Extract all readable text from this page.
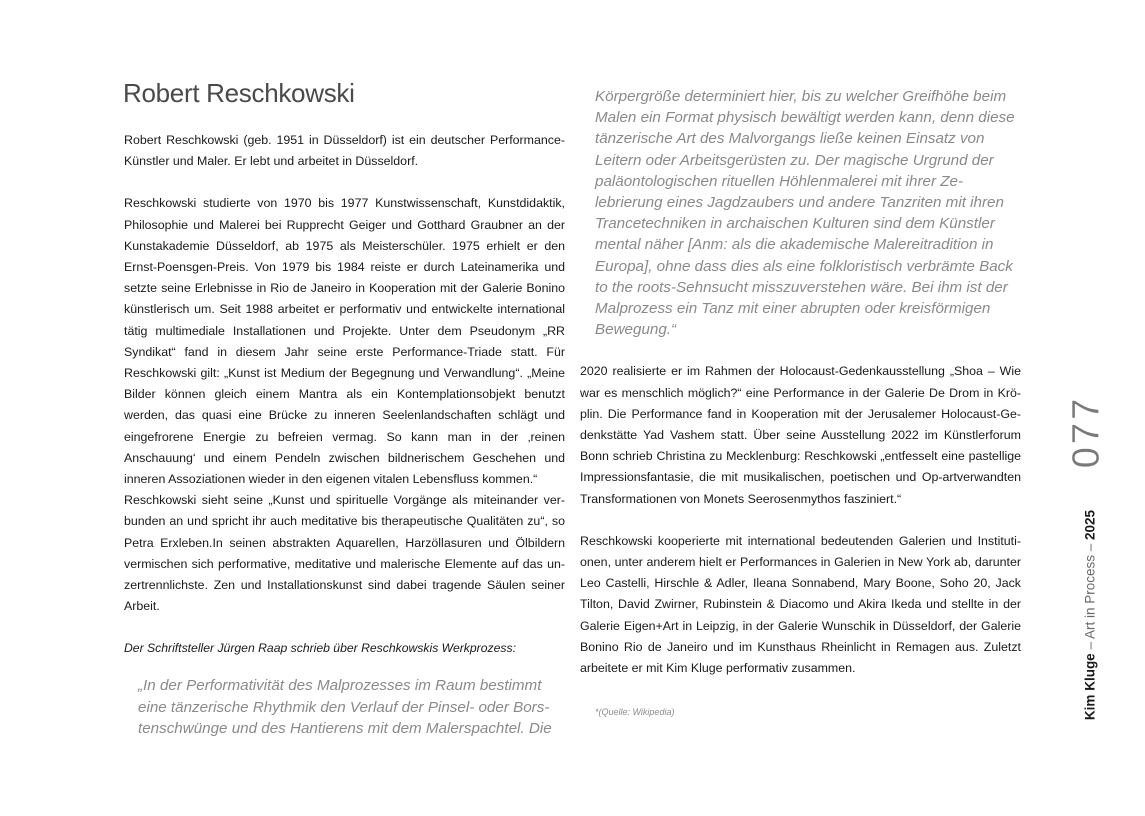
Robert Reschkowski

Robert Reschkowski (geb. 1951 in Düsseldorf) ist ein deutscher Performance-Künstler und Maler. Er lebt und arbeitet in Düsseldorf.

Reschkowski studierte von 1970 bis 1977 Kunstwissenschaft, Kunstdidaktik, Philosophie und Malerei bei Rupprecht Geiger und Gotthard Graubner an der Kunstakademie Düsseldorf, ab 1975 als Meisterschüler. 1975 erhielt er den Ernst-Poensgen-Preis. Von 1979 bis 1984 reiste er durch Lateinamerika und setzte seine Erlebnisse in Rio de Janeiro in Kooperation mit der Galerie Bonino künstlerisch um. Seit 1988 arbeitet er performativ und entwickelte international tätig multimediale Installationen und Projekte. Unter dem Pseudonym „RR Syndikat“ fand in diesem Jahr seine erste Performance-Triade statt. Für Reschkowski gilt: „Kunst ist Medium der Begegnung und Verwandlung“. „Meine Bilder können gleich einem Mantra als ein Kontemplationsobjekt benutzt werden, das quasi eine Brücke zu inneren Seelenlandschaften schlägt und eingefrorene Energie zu befreien vermag. So kann man in der ‚reinen Anschauung‘ und einem Pendeln zwischen bildnerischem Geschehen und inneren Assoziationen wieder in den eigenen vitalen Lebensfluss kommen.“

Reschkowski sieht seine „Kunst und spirituelle Vorgänge als miteinander verbunden an und spricht ihr auch meditative bis therapeutische Qualitäten zu“, so Petra Erxleben.In seinen abstrakten Aquarellen, Harzöllasuren und Ölbildern vermischen sich performative, meditative und malerische Elemente auf das unzertrennlichste. Zen und Installationskunst sind dabei tragende Säulen seiner Arbeit.

Der Schriftsteller Jürgen Raap schrieb über Reschkowskis Werkprozess:

„In der Performativität des Malprozesses im Raum bestimmt eine tänzerische Rhythmik den Verlauf der Pinsel- oder Borstenschwünge und des Hantierens mit dem Malerspachtel. Die

Körpergröße determiniert hier, bis zu welcher Greifhöhe beim Malen ein Format physisch bewältigt werden kann, denn diese tänzerische Art des Malvorgangs ließe keinen Einsatz von Leitern oder Arbeitsgerüsten zu. Der magische Urgrund der paläontologischen rituellen Höhlenmalerei mit ihrer Zelebrierung eines Jagdzaubers und andere Tanzriten mit ihren Trancetechniken in archaischen Kulturen sind dem Künstler mental näher [Anm: als die akademische Malereitradition in Europa], ohne dass dies als eine folkloristisch verbrämte Back to the roots-Sehnsucht misszuverstehen wäre. Bei ihm ist der Malprozess ein Tanz mit einer abrupten oder kreisförmigen Bewegung.“

2020 realisierte er im Rahmen der Holocaust-Gedenkausstellung „Shoa – Wie war es menschlich möglich?“ eine Performance in der Galerie De Drom in Kröplin. Die Performance fand in Kooperation mit der Jerusalemer Holocaust-Gedenkstätte Yad Vashem statt. Über seine Ausstellung 2022 im Künstlerforum Bonn schrieb Christina zu Mecklenburg: Reschkowski „entfesselt eine pastellige Impressionsfantasie, die mit musikalischen, poetischen und Op-artverwandten Transformationen von Monets Seerosenmythos fasziniert.“

Reschkowski kooperierte mit international bedeutenden Galerien und Institutionen, unter anderem hielt er Performances in Galerien in New York ab, darunter Leo Castelli, Hirschle & Adler, Ileana Sonnabend, Mary Boone, Soho 20, Jack Tilton, David Zwirner, Rubinstein & Diacomo und Akira Ikeda und stellte in der Galerie Eigen+Art in Leipzig, in der Galerie Wunschik in Düsseldorf, der Galerie Bonino Rio de Janeiro und im Kunsthaus Rheinlicht in Remagen aus. Zuletzt arbeitete er mit Kim Kluge performativ zusammen.

*(Quelle: Wikipedia)

077
Kim Kluge – Art in Process – 2025
